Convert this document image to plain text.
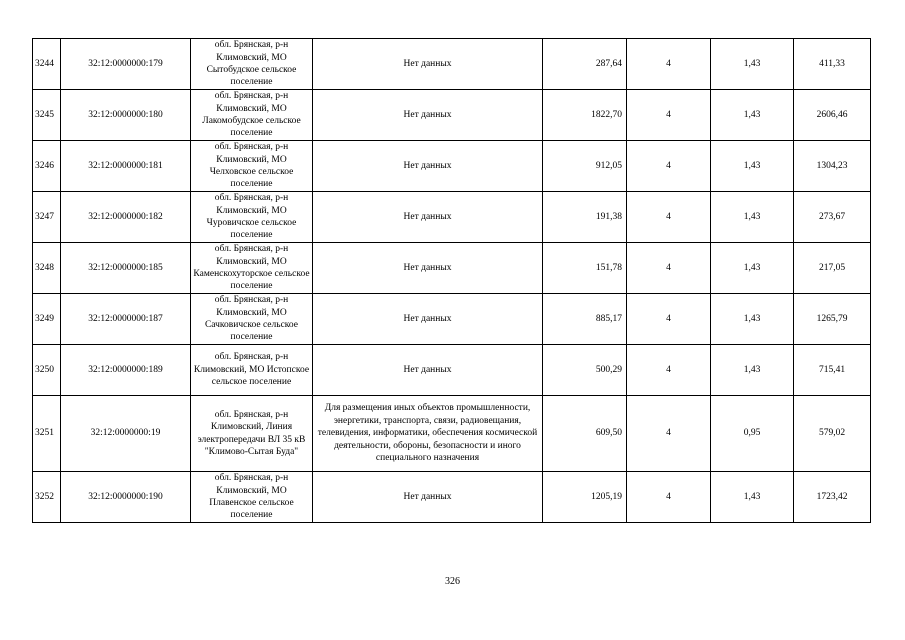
3244	32:12:0000000:179	обл. Брянская, р-н Климовский, МО Сытобудское сельское поселение	Нет данных	287,64	4	1,43	411,33
3245	32:12:0000000:180	обл. Брянская, р-н Климовский, МО Лакомобудское сельское поселение	Нет данных	1822,70	4	1,43	2606,46
3246	32:12:0000000:181	обл. Брянская, р-н Климовский, МО Челховское сельское поселение	Нет данных	912,05	4	1,43	1304,23
3247	32:12:0000000:182	обл. Брянская, р-н Климовский, МО Чуровичское сельское поселение	Нет данных	191,38	4	1,43	273,67
3248	32:12:0000000:185	обл. Брянская, р-н Климовский, МО Каменскохуторское сельское поселение	Нет данных	151,78	4	1,43	217,05
3249	32:12:0000000:187	обл. Брянская, р-н Климовский, МО Сачковичское сельское поселение	Нет данных	885,17	4	1,43	1265,79
3250	32:12:0000000:189	обл. Брянская, р-н Климовский, МО Истопское сельское поселение	Нет данных	500,29	4	1,43	715,41
3251	32:12:0000000:19	обл. Брянская, р-н Климовский, Линия электропередачи ВЛ 35 кВ "Климово-Сытая Буда"	Для размещения иных объектов промышленности, энергетики, транспорта, связи, радиовещания, телевидения, информатики, обеспечения космической деятельности, обороны, безопасности и иного специального назначения	609,50	4	0,95	579,02
3252	32:12:0000000:190	обл. Брянская, р-н Климовский, МО Плавенское сельское поселение	Нет данных	1205,19	4	1,43	1723,42
326
